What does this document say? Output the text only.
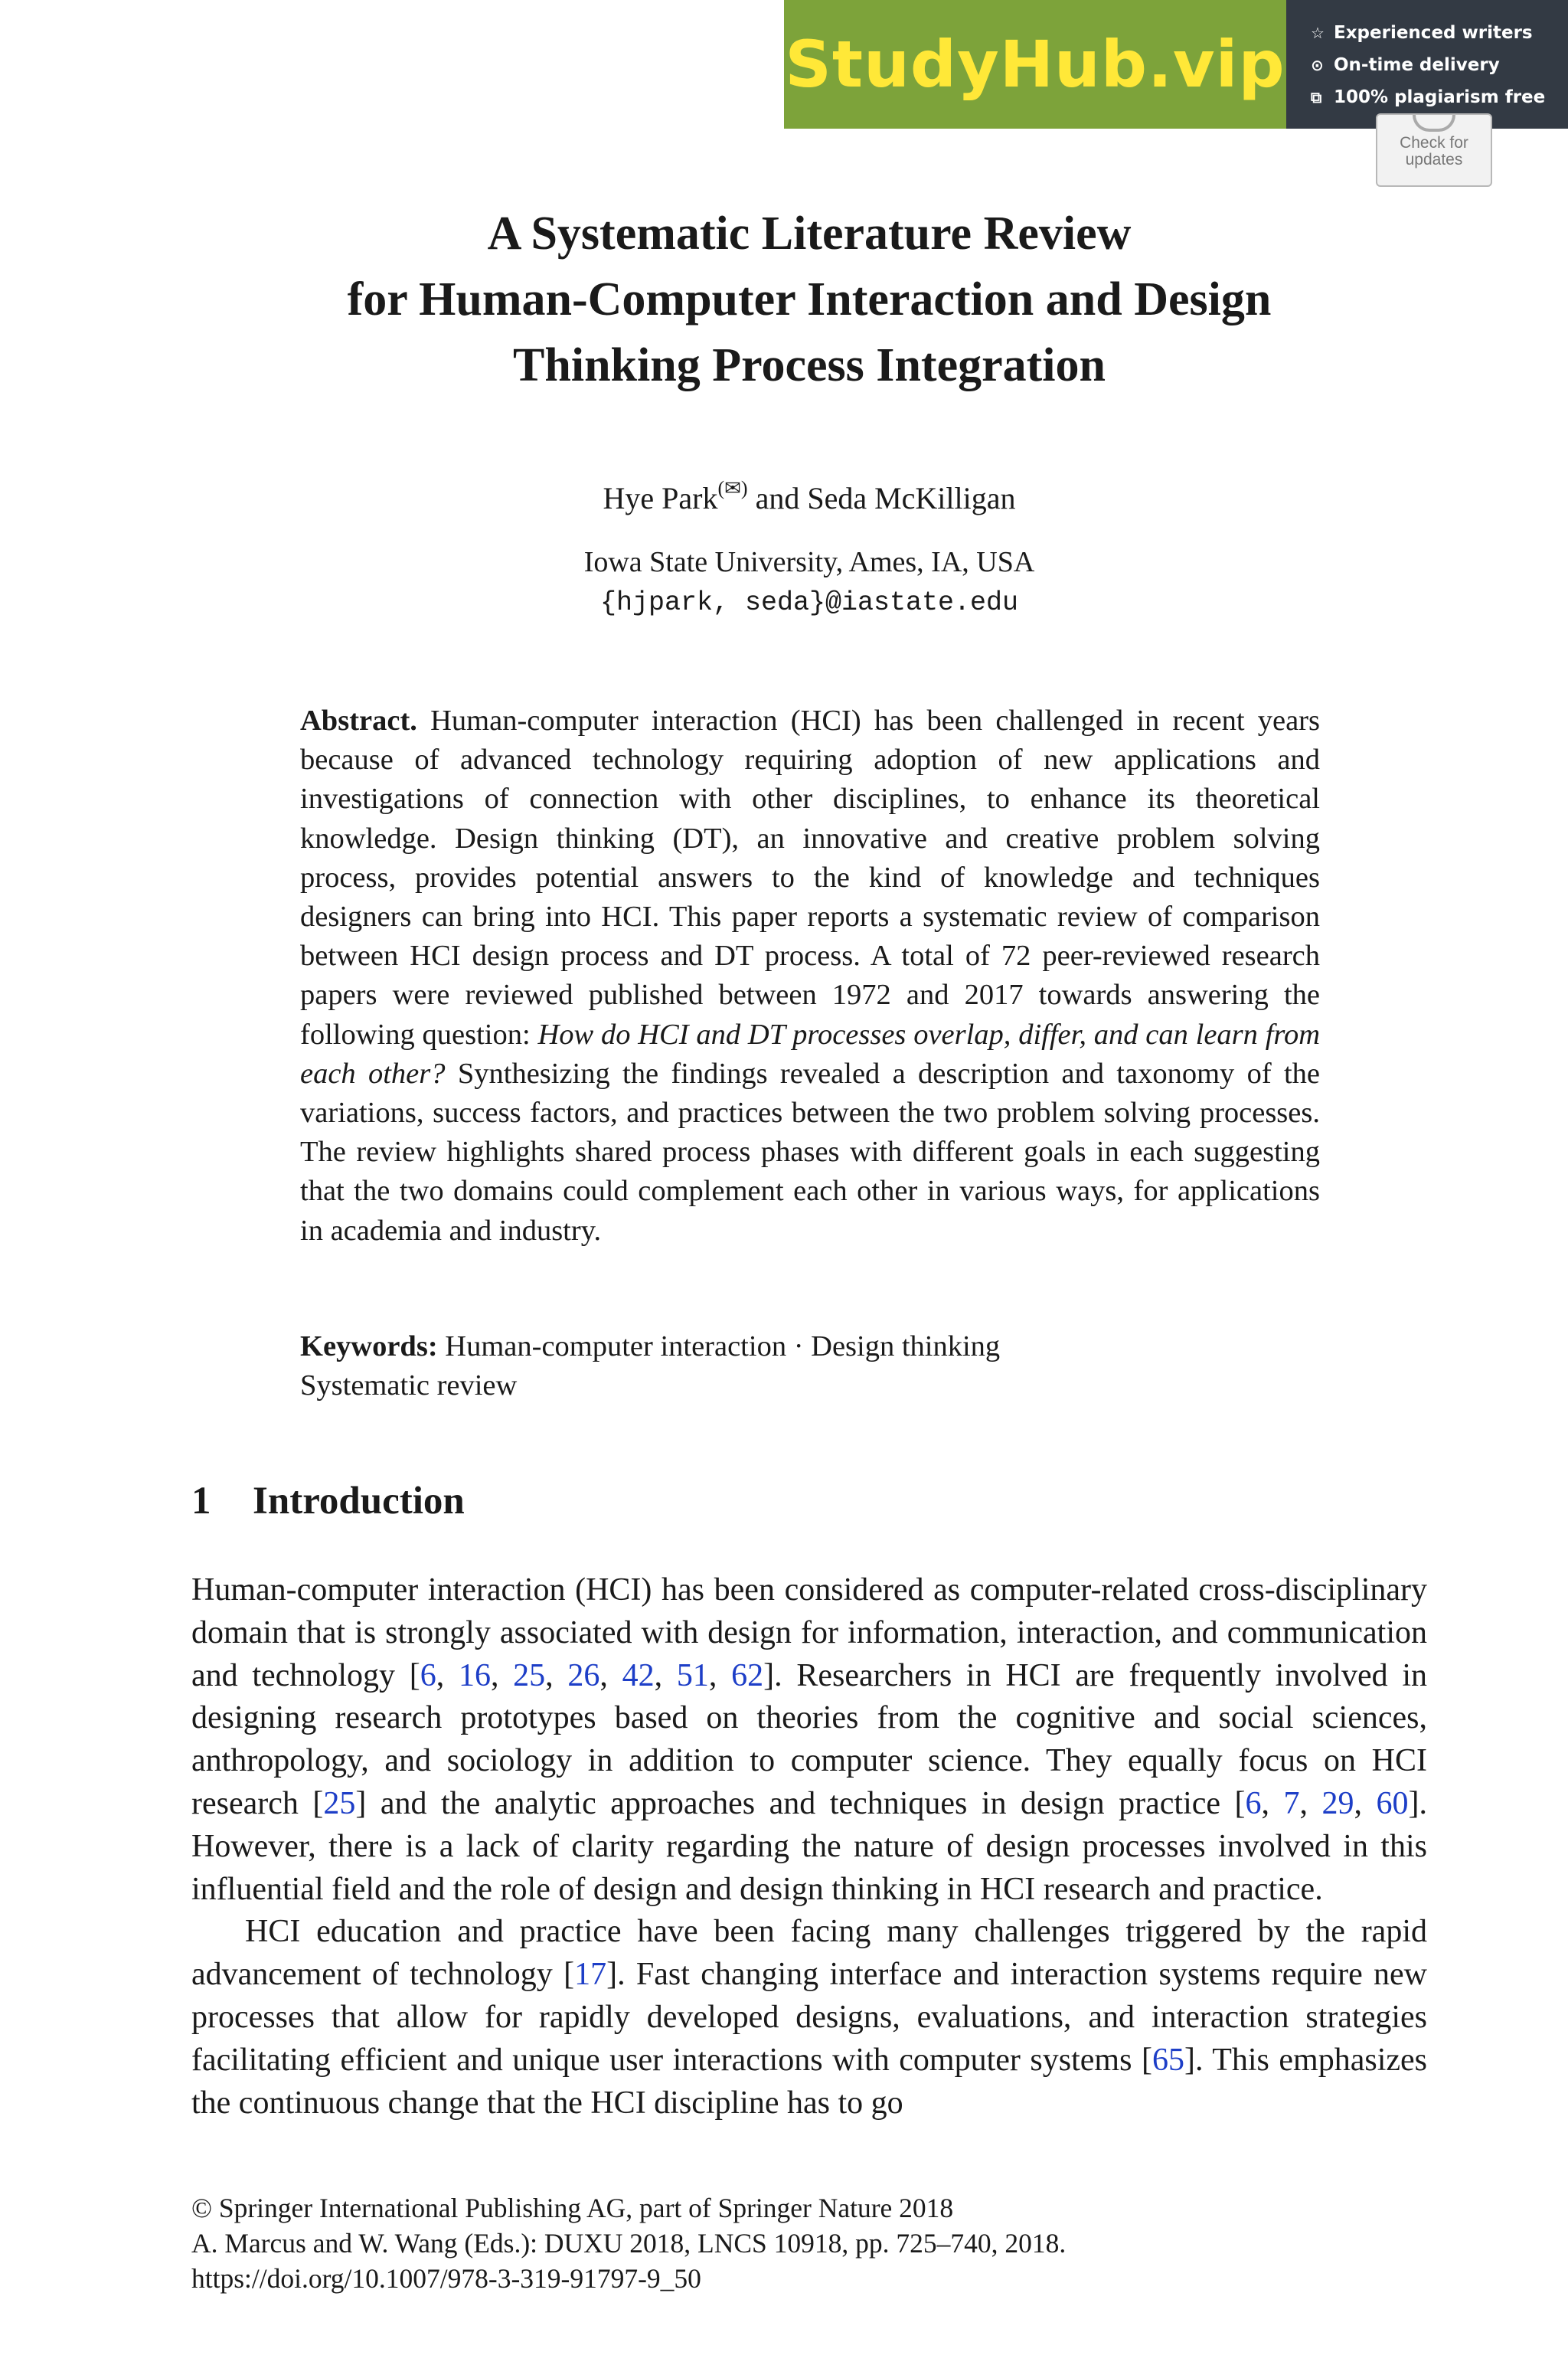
StudyHub.vip ☆ Experienced writers
⊙ On-time delivery
⧉ 100% plagiarism free
Check for
updates
A Systematic Literature Review
for Human-Computer Interaction and Design
Thinking Process Integration
Hye Park(✉) and Seda McKilligan
Iowa State University, Ames, IA, USA
{hjpark, seda}@iastate.edu

Abstract. Human-computer interaction (HCI) has been challenged in recent years because of advanced technology requiring adoption of new applications and investigations of connection with other disciplines, to enhance its theoretical knowledge. Design thinking (DT), an innovative and creative problem solving process, provides potential answers to the kind of knowledge and techniques designers can bring into HCI. This paper reports a systematic review of comparison between HCI design process and DT process. A total of 72 peer-reviewed research papers were reviewed published between 1972 and 2017 towards answering the following question: How do HCI and DT processes overlap, differ, and can learn from each other? Synthesizing the findings revealed a description and taxonomy of the variations, success factors, and practices between the two problem solving processes. The review highlights shared process phases with different goals in each suggesting that the two domains could complement each other in various ways, for applications in academia and industry.

Keywords: Human-computer interaction · Design thinking
Systematic review

1 Introduction

Human-computer interaction (HCI) has been considered as computer-related cross-disciplinary domain that is strongly associated with design for information, interaction, and communication and technology [6, 16, 25, 26, 42, 51, 62]. Researchers in HCI are frequently involved in designing research prototypes based on theories from the cognitive and social sciences, anthropology, and sociology in addition to computer science. They equally focus on HCI research [25] and the analytic approaches and techniques in design practice [6, 7, 29, 60]. However, there is a lack of clarity regarding the nature of design processes involved in this influential field and the role of design and design thinking in HCI research and practice.

HCI education and practice have been facing many challenges triggered by the rapid advancement of technology [17]. Fast changing interface and interaction systems require new processes that allow for rapidly developed designs, evaluations, and interaction strategies facilitating efficient and unique user interactions with computer systems [65]. This emphasizes the continuous change that the HCI discipline has to go

© Springer International Publishing AG, part of Springer Nature 2018
A. Marcus and W. Wang (Eds.): DUXU 2018, LNCS 10918, pp. 725–740, 2018.
https://doi.org/10.1007/978-3-319-91797-9_50
